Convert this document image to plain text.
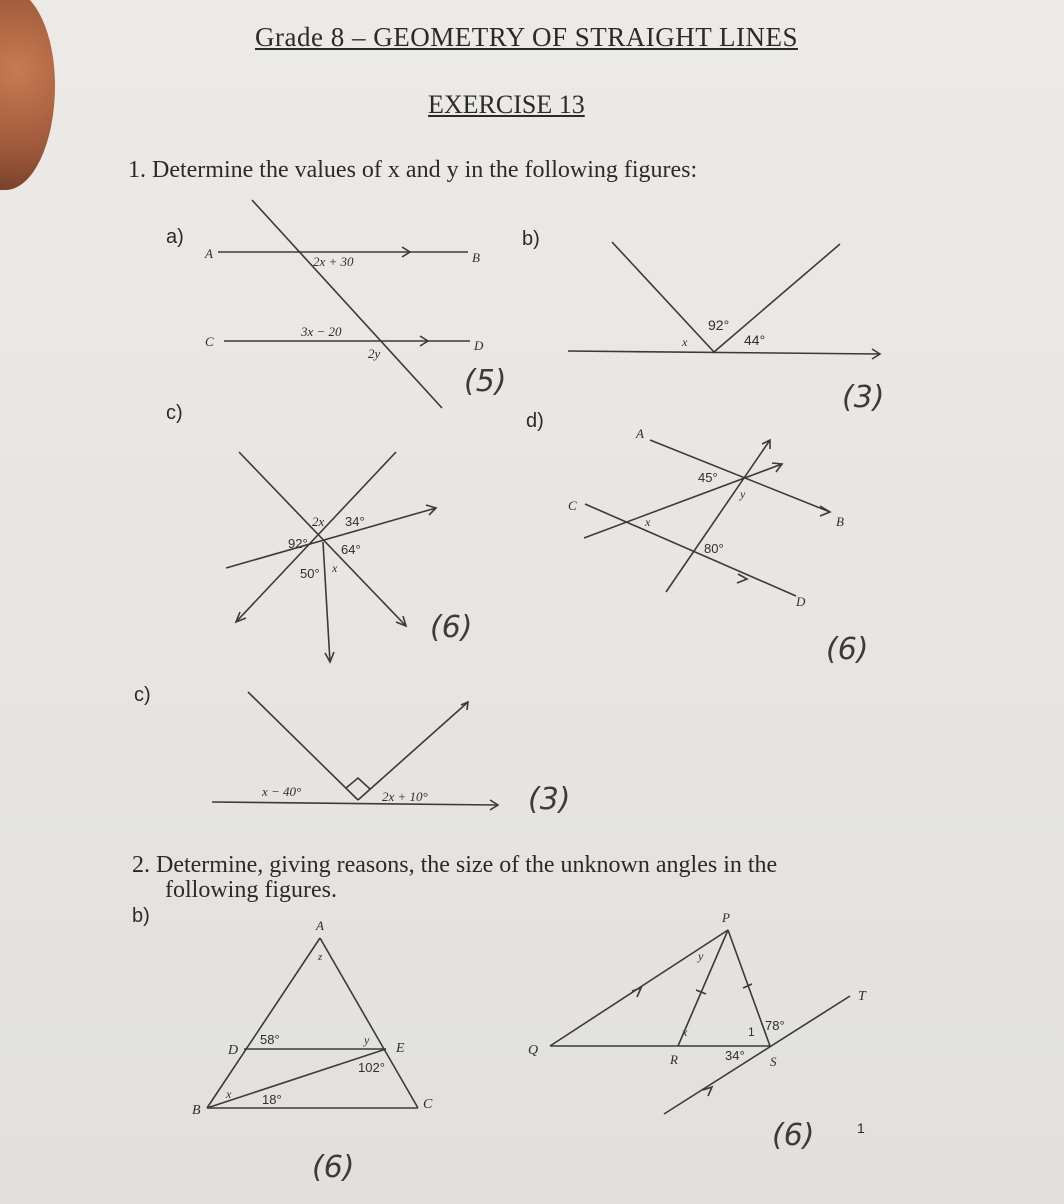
Grade 8 – GEOMETRY OF STRAIGHT LINES
EXERCISE 13
1. Determine the values of x and y in the following figures:
a)	b)
c)	d)
c)
A	B
C	D
2x + 30
3x − 20
2y
(5)
x
92°
44°
(3)
2x 34°
92°	64°
50° x
(6)
A
B
C
D
45°
y
x
80°
(6)
x − 40°	2x + 10°	(3)
2. Determine, giving reasons, the size of the unknown angles in the
following figures.
b)	A
z
D	E
B	C
58°	y
102°
x 18°
(6)
P
y
T
x	1 78°
Q
R	34° S
(6)	1
